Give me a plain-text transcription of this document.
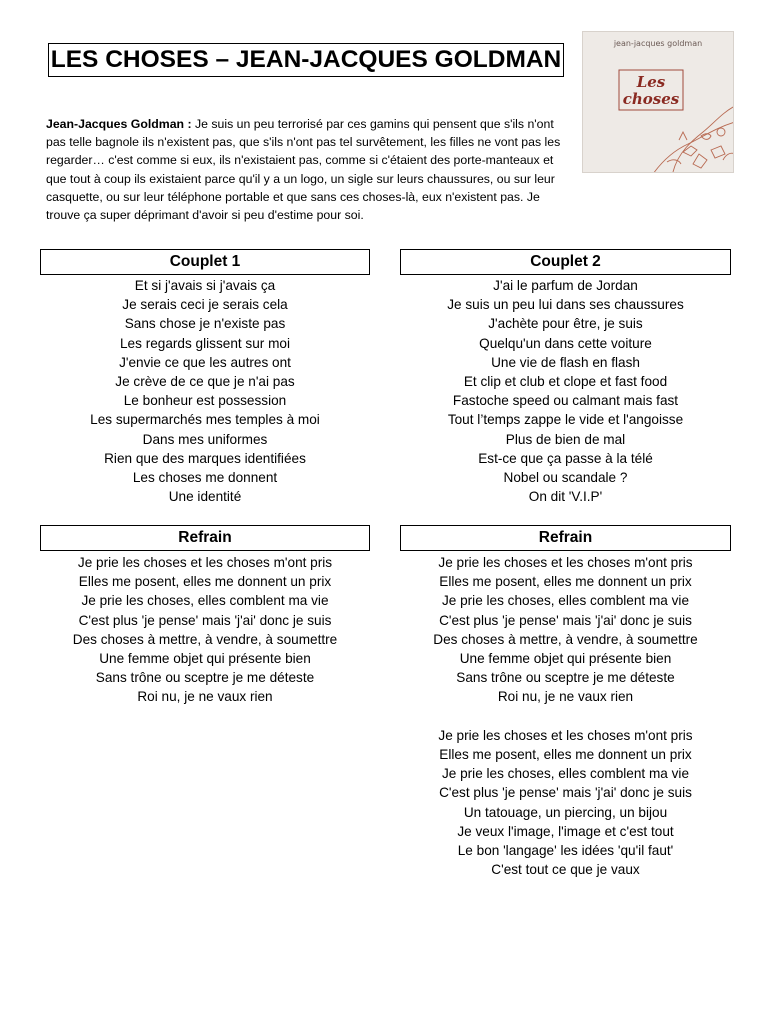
LES CHOSES – JEAN-JACQUES GOLDMAN
Jean-Jacques Goldman : Je suis un peu terrorisé par ces gamins qui pensent que s'ils n'ont pas telle bagnole ils n'existent pas, que s'ils n'ont pas tel survêtement, les filles ne vont pas les regarder… c'est comme si eux, ils n'existaient pas, comme si c'étaient des porte-manteaux et que tout à coup ils existaient parce qu'il y a un logo, un sigle sur leurs chaussures, ou sur leur casquette, ou sur leur téléphone portable et que sans ces choses-là, eux n'existent pas. Je trouve ça super déprimant d'avoir si peu d'estime pour soi.
Les
choses
jean-jacques goldman
Couplet 1
Et si j'avais si j'avais ça
Je serais ceci je serais cela
Sans chose je n'existe pas
Les regards glissent sur moi
J'envie ce que les autres ont
Je crève de ce que je n'ai pas
Le bonheur est possession
Les supermarchés mes temples à moi
Dans mes uniformes
Rien que des marques identifiées
Les choses me donnent
Une identité
Couplet 2
J'ai le parfum de Jordan
Je suis un peu lui dans ses chaussures
J'achète pour être, je suis
Quelqu'un dans cette voiture
Une vie de flash en flash
Et clip et club et clope et fast food
Fastoche speed ou calmant mais fast
Tout l’temps zappe le vide et l'angoisse
Plus de bien de mal
Est-ce que ça passe à la télé
Nobel ou scandale ?
On dit 'V.I.P'
Refrain
Je prie les choses et les choses m'ont pris
Elles me posent, elles me donnent un prix
Je prie les choses, elles comblent ma vie
C'est plus 'je pense' mais 'j'ai' donc je suis
Des choses à mettre, à vendre, à soumettre
Une femme objet qui présente bien
Sans trône ou sceptre je me déteste
Roi nu, je ne vaux rien
Refrain
Je prie les choses et les choses m'ont pris
Elles me posent, elles me donnent un prix
Je prie les choses, elles comblent ma vie
C'est plus 'je pense' mais 'j'ai' donc je suis
Des choses à mettre, à vendre, à soumettre
Une femme objet qui présente bien
Sans trône ou sceptre je me déteste
Roi nu, je ne vaux rien
Je prie les choses et les choses m'ont pris
Elles me posent, elles me donnent un prix
Je prie les choses, elles comblent ma vie
C'est plus 'je pense' mais 'j'ai' donc je suis
Un tatouage, un piercing, un bijou
Je veux l'image, l'image et c'est tout
Le bon 'langage' les idées 'qu'il faut'
C'est tout ce que je vaux
